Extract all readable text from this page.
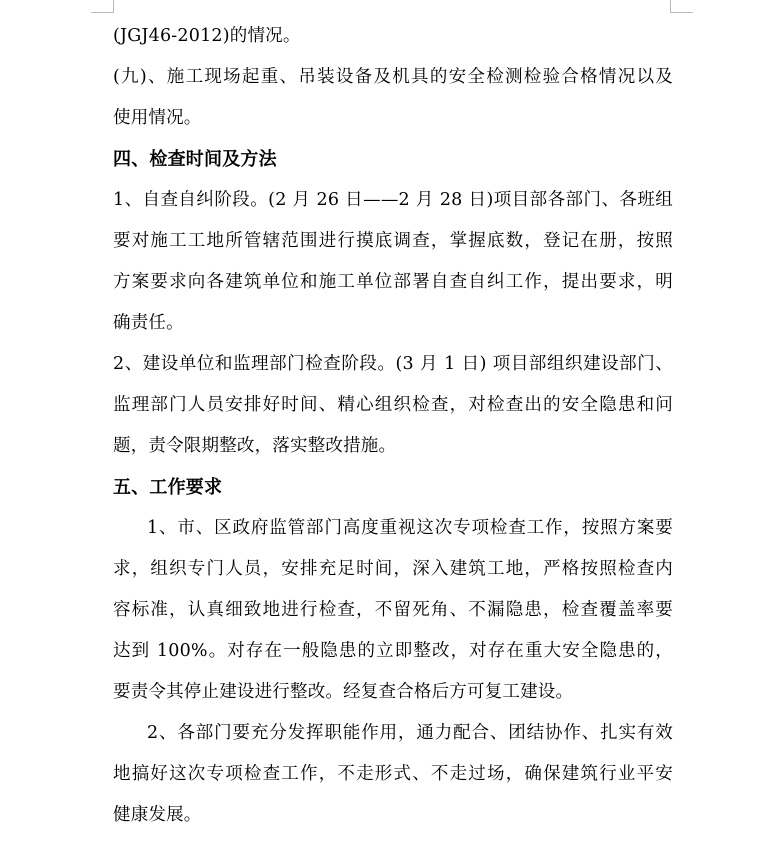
(JGJ46-2012)的情况。
(九)、施工现场起重、吊装设备及机具的安全检测检验合格情况以及
使用情况。
四、检查时间及方法
1、自查自纠阶段。(2 月 26 日——2 月 28 日)项目部各部门、各班组
要对施工工地所管辖范围进行摸底调查，掌握底数，登记在册，按照
方案要求向各建筑单位和施工单位部署自查自纠工作，提出要求，明
确责任。
2、建设单位和监理部门检查阶段。(3 月 1 日) 项目部组织建设部门、
监理部门人员安排好时间、精心组织检查，对检查出的安全隐患和问
题，责令限期整改，落实整改措施。
五、工作要求
1、市、区政府监管部门高度重视这次专项检查工作，按照方案要
求，组织专门人员，安排充足时间，深入建筑工地，严格按照检查内
容标准，认真细致地进行检查，不留死角、不漏隐患，检查覆盖率要
达到 100%。对存在一般隐患的立即整改，对存在重大安全隐患的，
要责令其停止建设进行整改。经复查合格后方可复工建设。
2、各部门要充分发挥职能作用，通力配合、团结协作、扎实有效
地搞好这次专项检查工作，不走形式、不走过场，确保建筑行业平安
健康发展。
